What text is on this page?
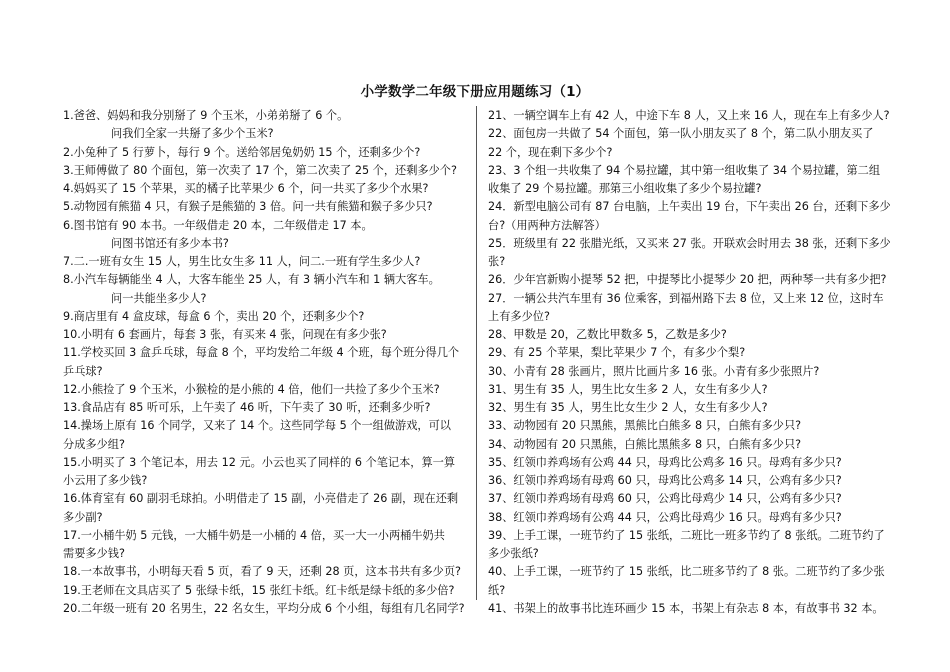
小学数学二年级下册应用题练习（1）
1.爸爸、妈妈和我分别掰了 9 个玉米，小弟弟掰了 6 个。
问我们全家一共掰了多少个玉米?
2.小兔种了 5 行萝卜，每行 9 个。送给邻居兔奶奶 15 个，还剩多少个?
3.王师傅做了 80 个面包，第一次卖了 17 个，第二次卖了 25 个，还剩多少个?
4.妈妈买了 15 个苹果，买的橘子比苹果少 6 个，问一共买了多少个水果?
5.动物园有熊猫 4 只，有猴子是熊猫的 3 倍。问一共有熊猫和猴子多少只?
6.图书馆有 90 本书。一年级借走 20 本，二年级借走 17 本。
问图书馆还有多少本书?
7.二.一班有女生 15 人，男生比女生多 11 人，问二.一班有学生多少人?
8.小汽车每辆能坐 4 人，大客车能坐 25 人，有 3 辆小汽车和 1 辆大客车。
问一共能坐多少人?
9.商店里有 4 盒皮球，每盒 6 个，卖出 20 个，还剩多少个?
10.小明有 6 套画片，每套 3 张，有买来 4 张，问现在有多少张?
11.学校买回 3 盒乒乓球，每盒 8 个，平均发给二年级 4 个班，每个班分得几个
乒乓球?
12.小熊捡了 9 个玉米，小猴检的是小熊的 4 倍，他们一共捡了多少个玉米?
13.食品店有 85 听可乐，上午卖了 46 听，下午卖了 30 听，还剩多少听?
14.操场上原有 16 个同学，又来了 14 个。这些同学每 5 个一组做游戏，可以
分成多少组?
15.小明买了 3 个笔记本，用去 12 元。小云也买了同样的 6 个笔记本，算一算
小云用了多少钱?
16.体育室有 60 副羽毛球拍。小明借走了 15 副，小亮借走了 26 副，现在还剩
多少副?
17.一小桶牛奶 5 元钱，一大桶牛奶是一小桶的 4 倍，买一大一小两桶牛奶共
需要多少钱?
18.一本故事书，小明每天看 5 页，看了 9 天，还剩 28 页，这本书共有多少页?
19.王老师在文具店买了 5 张绿卡纸，15 张红卡纸。红卡纸是绿卡纸的多少倍?
20.二年级一班有 20 名男生，22 名女生，平均分成 6 个小组，每组有几名同学?
21、一辆空调车上有 42 人，中途下车 8 人，又上来 16 人，现在车上有多少人?
22、面包房一共做了 54 个面包，第一队小朋友买了 8 个，第二队小朋友买了
22 个，现在剩下多少个?
23、3 个组一共收集了 94 个易拉罐，其中第一组收集了 34 个易拉罐，第二组
收集了 29 个易拉罐。那第三小组收集了多少个易拉罐?
24．新型电脑公司有 87 台电脑，上午卖出 19 台，下午卖出 26 台，还剩下多少
台?（用两种方法解答）
25．班级里有 22 张腊光纸，又买来 27 张。开联欢会时用去 38 张，还剩下多少
张?
26．少年宫新购小提琴 52 把，中提琴比小提琴少 20 把，两种琴一共有多少把?
27．一辆公共汽车里有 36 位乘客，到福州路下去 8 位，又上来 12 位，这时车
上有多少位?
28、甲数是 20，乙数比甲数多 5，乙数是多少?
29、有 25 个苹果，梨比苹果少 7 个，有多少个梨?
30、小青有 28 张画片，照片比画片多 16 张。小青有多少张照片?
31、男生有 35 人，男生比女生多 2 人，女生有多少人?
32、男生有 35 人，男生比女生少 2 人，女生有多少人?
33、动物园有 20 只黑熊，黑熊比白熊多 8 只，白熊有多少只?
34、动物园有 20 只黑熊，白熊比黑熊多 8 只，白熊有多少只?
35、红领巾养鸡场有公鸡 44 只，母鸡比公鸡多 16 只。母鸡有多少只?
36、红领巾养鸡场有母鸡 60 只，母鸡比公鸡多 14 只，公鸡有多少只?
37、红领巾养鸡场有母鸡 60 只，公鸡比母鸡少 14 只，公鸡有多少只?
38、红领巾养鸡场有公鸡 44 只，公鸡比母鸡少 16 只。母鸡有多少只?
39、上手工课，一班节约了 15 张纸，二班比一班多节约了 8 张纸。二班节约了
多少张纸?
40、上手工课，一班节约了 15 张纸，比二班多节约了 8 张。二班节约了多少张
纸?
41、书架上的故事书比连环画少 15 本，书架上有杂志 8 本，有故事书 32 本。
